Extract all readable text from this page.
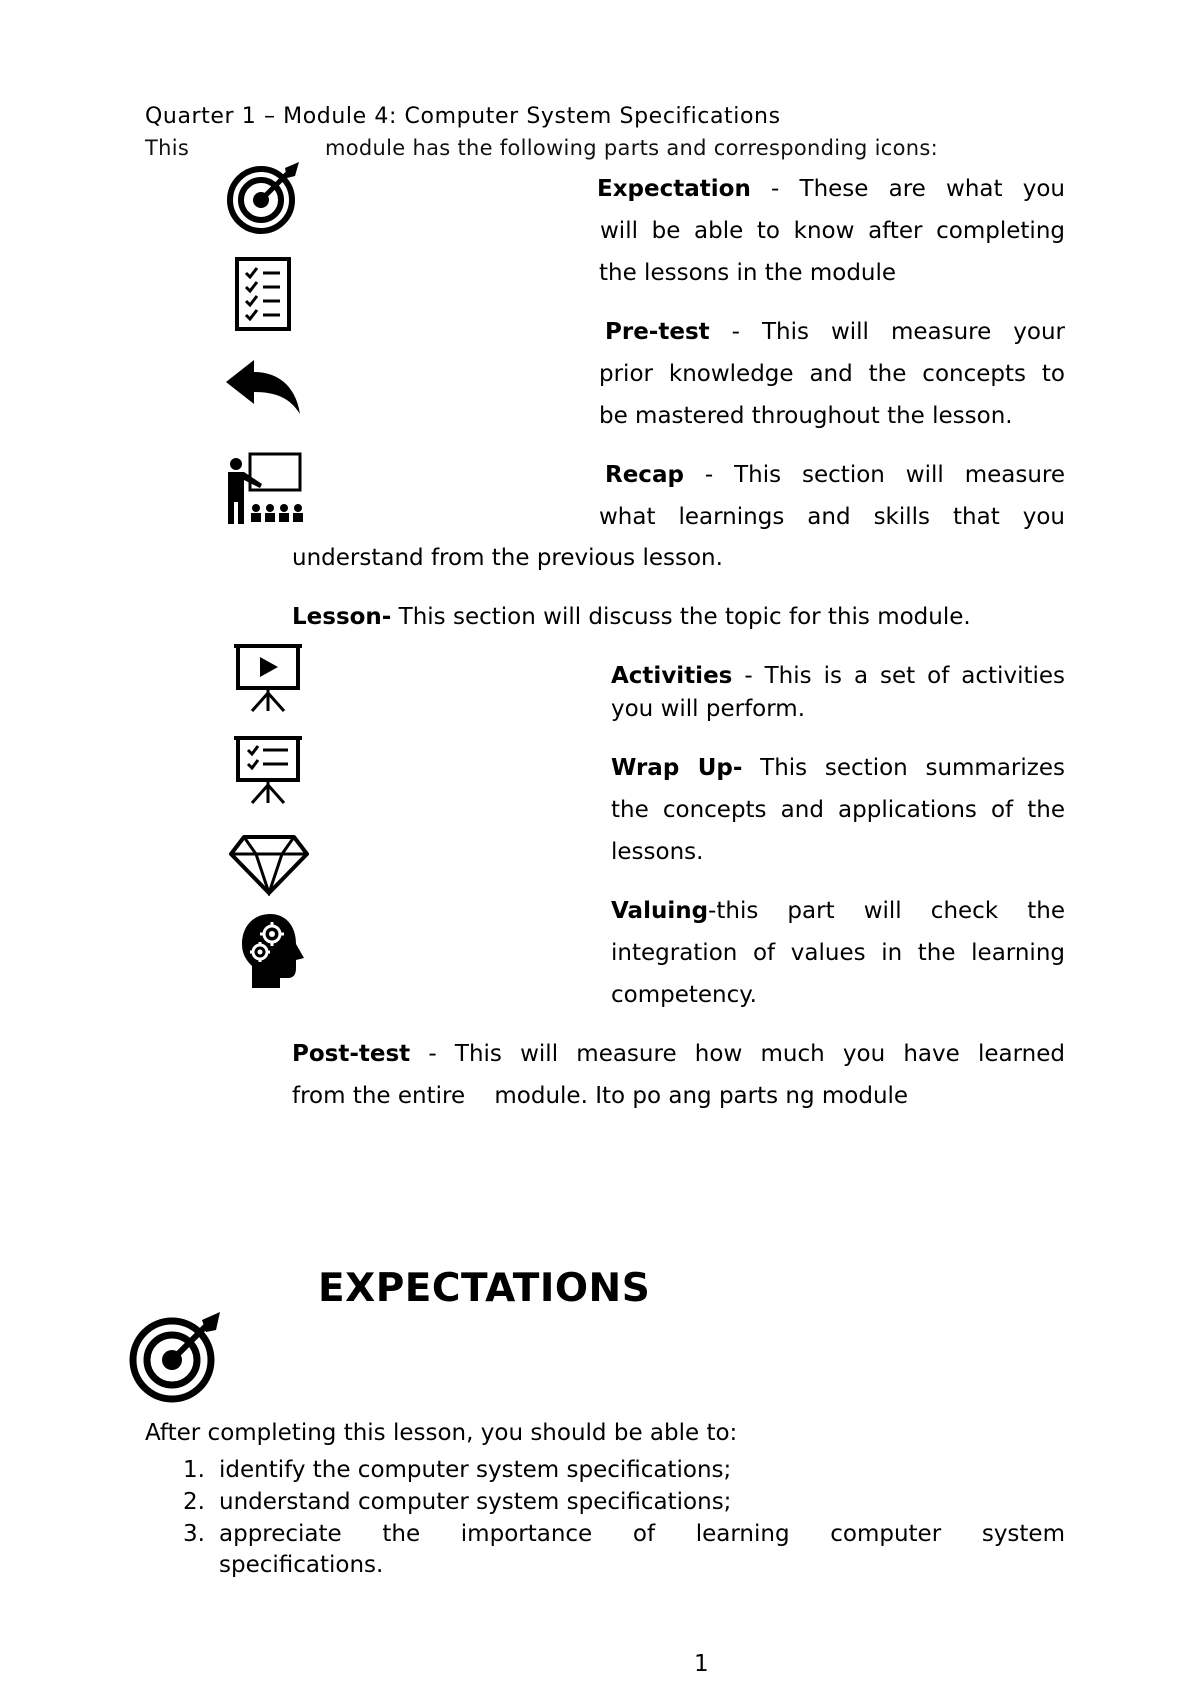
Quarter 1 – Module 4: Computer System Specifications
This	module has the following parts and corresponding icons:
Expectation - These are what you
will be able to know after completing
the lessons in the module
Pre-test - This will measure your
prior knowledge and the concepts to
be mastered throughout the lesson.
Recap - This section will measure
what learnings and skills that you
understand from the previous lesson.
Lesson- This section will discuss the topic for this module.
Activities - This is a set of activities
you will perform.
Wrap Up- This section summarizes
the concepts and applications of the
lessons.
Valuing-this part will check the
integration of values in the learning
competency.
Post-test - This will measure how much you have learned
from the entire    module. Ito po ang parts ng module
EXPECTATIONS
After completing this lesson, you should be able to:
1. identify the computer system specifications;
2. understand computer system specifications;
3. appreciate the importance of learning computer system
specifications.
1
